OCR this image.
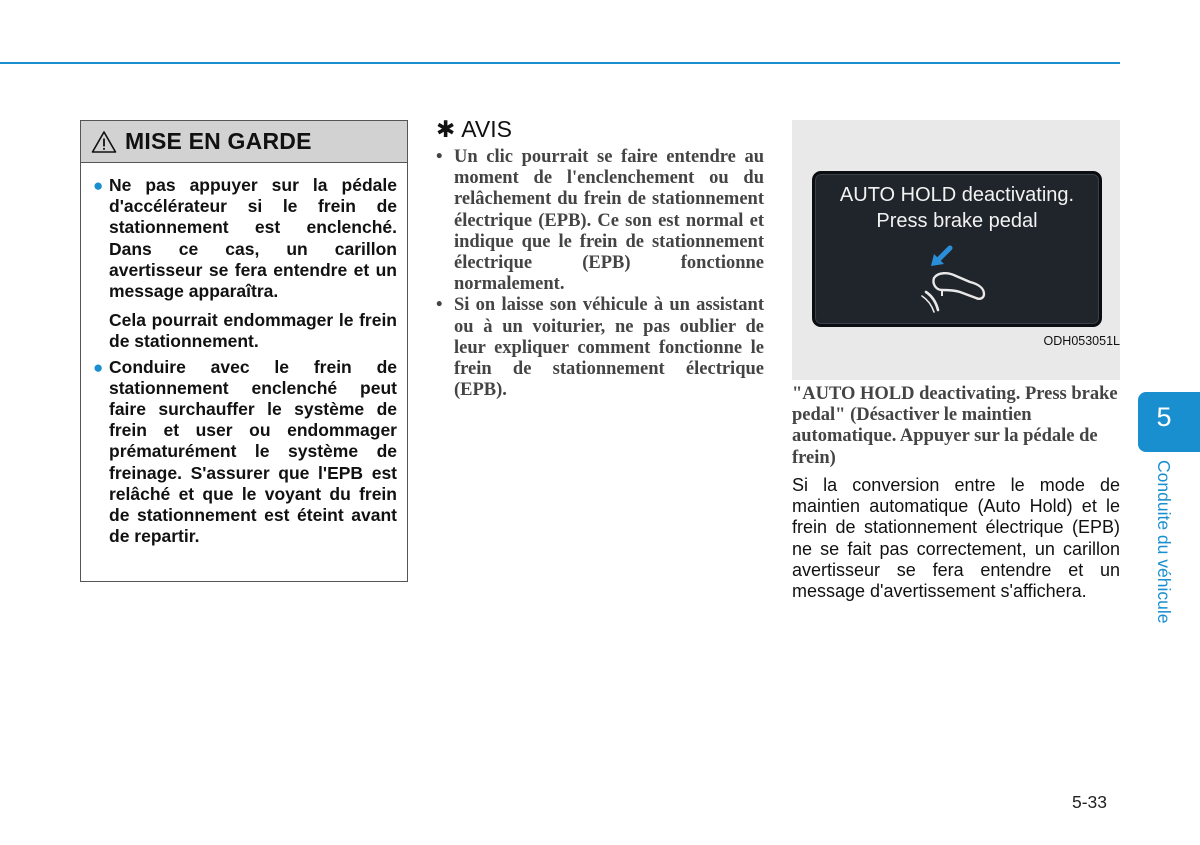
MISE EN GARDE
● Ne pas appuyer sur la pédale d'accélérateur si le frein de stationnement est enclenché. Dans ce cas, un carillon avertisseur se fera entendre et un message apparaîtra.
Cela pourrait endommager le frein de stationnement.
● Conduire avec le frein de stationnement enclenché peut faire surchauffer le système de frein et user ou endommager prématurément le système de freinage. S'assurer que l'EPB est relâché et que le voyant du frein de stationnement est éteint avant de repartir.
✱ AVIS
• Un clic pourrait se faire entendre au moment de l'enclenchement ou du relâchement du frein de stationnement électrique (EPB). Ce son est normal et indique que le frein de stationnement électrique (EPB) fonctionne normalement.
• Si on laisse son véhicule à un assistant ou à un voiturier, ne pas oublier de leur expliquer comment fonctionne le frein de stationnement électrique (EPB).
AUTO HOLD deactivating.
Press brake pedal
ODH053051L
"AUTO HOLD deactivating. Press brake pedal" (Désactiver le maintien automatique. Appuyer sur la pédale de frein)
Si la conversion entre le mode de maintien automatique (Auto Hold) et le frein de stationnement électrique (EPB) ne se fait pas correctement, un carillon avertisseur se fera entendre et un message d'avertissement s'affichera.
5
Conduite du véhicule
5-33
